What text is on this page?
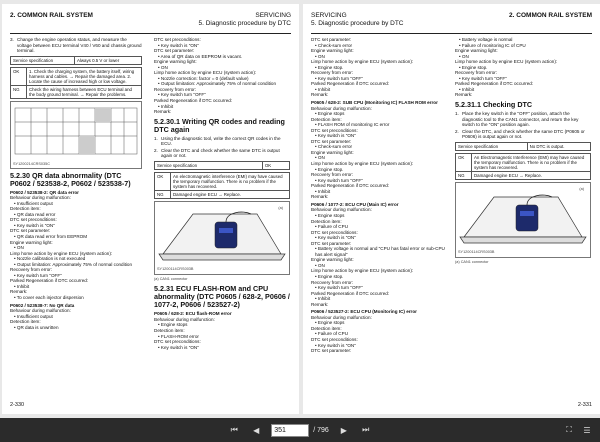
2. COMMON RAIL SYSTEM	SERVICING
5. Diagnostic procedure by DTC
3. Change the engine operation status, and measure the voltage between ECU terminal V40 / V60 and chassis ground terminal.
Service specification	Always 0.5 V or lower
OK	1. Check the charging system, the battery itself, wiring harness and cables. → Repair the damaged area. 2. Locate the cause of increased high or low voltage.
NG	Check the wiring harness between ECU terminal and the body ground terminal. → Repair the problems.
SY1200214CRS035C
5.2.30 QR data abnormality (DTC P0602 / 523538-2, P0602 / 523538-7)
P0602 / 523538-2: QR data error

Behaviour during malfunction:

• Insufficient output

Detection item:

• QR data read error

DTC set preconditions:

• Key switch is "ON"

DTC set parameter:

• QR data read error from EEPROM

Engine warning light:

• ON

Limp home action by engine ECU (system action):

• Nozzle calibration is not executed

• Output limitation: Approximately 75% of normal condition

Recovery from error:

• Key switch turn "OFF"

Parked Regeneration if DTC occurred:

• Inhibit

Remark:

• To cover each injector dispersion

P0602 / 523538-7: No QR data

Behaviour during malfunction:

• Insufficient output

Detection item:

• QR data is unwritten

DTC set preconditions:

• Key switch is "ON"

DTC set parameter:

• Area of QR data on EEPROM is vacant.

Engine warning light:

• ON

Limp home action by engine ECU (system action):

• Nozzle correction: factor = 0 (default value)

• Output limitation: Approximately 75% of normal condition

Recovery from error:

• Key switch turn "OFF"

Parked Regeneration if DTC occurred:

• Inhibit

Remark:

5.2.30.1 Writing QR codes and reading DTC again
1. Using the diagnostic tool, write the correct QR codes in the ECU.
2. Clear the DTC and check whether the same DTC is output again or not.
Service specification	OK
OK	An electromagnetic interference (EMI) may have caused the temporary malfunction. There is no problem if the system has recovered.
NG	Damaged engine ECU → Replace.
(a)
SY1200114CRS003B
(a) CAN1 connector
5.2.31 ECU FLASH-ROM and CPU abnormality (DTC P0605 / 628-2, P0606 / 1077-2, P0606 / 523527-2)
P0605 / 628-2: ECU flash-ROM error

Behaviour during malfunction:

• Engine stops

Detection item:

• FLASH-ROM error

DTC set preconditions:

• Key switch is "ON"

2-330
SERVICING
5. Diagnostic procedure by DTC
2. COMMON RAIL SYSTEM

DTC set parameter:

• Check-sum error

Engine warning light:

• ON

Limp home action by engine ECU (system action):

• Engine stop.

Recovery from error:

• Key switch turn "OFF"

Parked Regeneration if DTC occurred:

• Inhibit

Remark:

P0605 / 628-2: SUB CPU (Monitoring IC) FLASH ROM error

Behaviour during malfunction:

• Engine stops

Detection item:

• FLASH ROM of monitoring IC error

DTC set preconditions:

• Key switch is "ON"

DTC set parameter:

• Check-sum error

Engine warning light:

• ON

Limp home action by engine ECU (system action):

• Engine stop.

Recovery from error:

• Key switch turn "OFF"

Parked Regeneration if DTC occurred:

• Inhibit

Remark:

P0606 / 1077-2: ECU CPU (Main IC) error

Behaviour during malfunction:

• Engine stops

Detection item:

• Failure of CPU

DTC set preconditions:

• Key switch is "ON"

DTC set parameter:

• Battery voltage is normal and "CPU has fatal error or sub-CPU has alert signal"

Engine warning light:

• ON

Limp home action by engine ECU (system action):

• Engine stop.

Recovery from error:

• Key switch turn "OFF"

Parked Regeneration if DTC occurred:

• Inhibit

Remark:

P0606 / 523527-2: ECU CPU (Monitoring IC) error

Behaviour during malfunction:

• Engine stops

Detection item:

• Failure of CPU

DTC set preconditions:

• Key switch is "ON"

DTC set parameter:

• Battery voltage is normal

• Failure of monitoring IC of CPU

Engine warning light:

• ON

Limp home action by engine ECU (system action):

• Engine stop.

Recovery from error:

• Key switch turn "OFF"

Parked Regeneration if DTC occurred:

• Inhibit

Remark:

5.2.31.1 Checking DTC
1. Place the key switch in the "OFF" position, attach the diagnostic tool to the CAN1 connector, and return the key switch to the "ON" position again.
2. Clear the DTC, and check whether the same DTC (P0605 or P0606) is output again or not.
Service specification	No DTC is output.
OK	An Electromagnetic Interference (EMI) may have caused the temporary malfunction. There is no problem if the system has recovered.
NG	Damaged engine ECU → Replace.
(a)
SY1200114CRS003B
(a) CAN1 connector
2-331
⏮	◀	351	/ 796	▶	⏭	⛶	☰
